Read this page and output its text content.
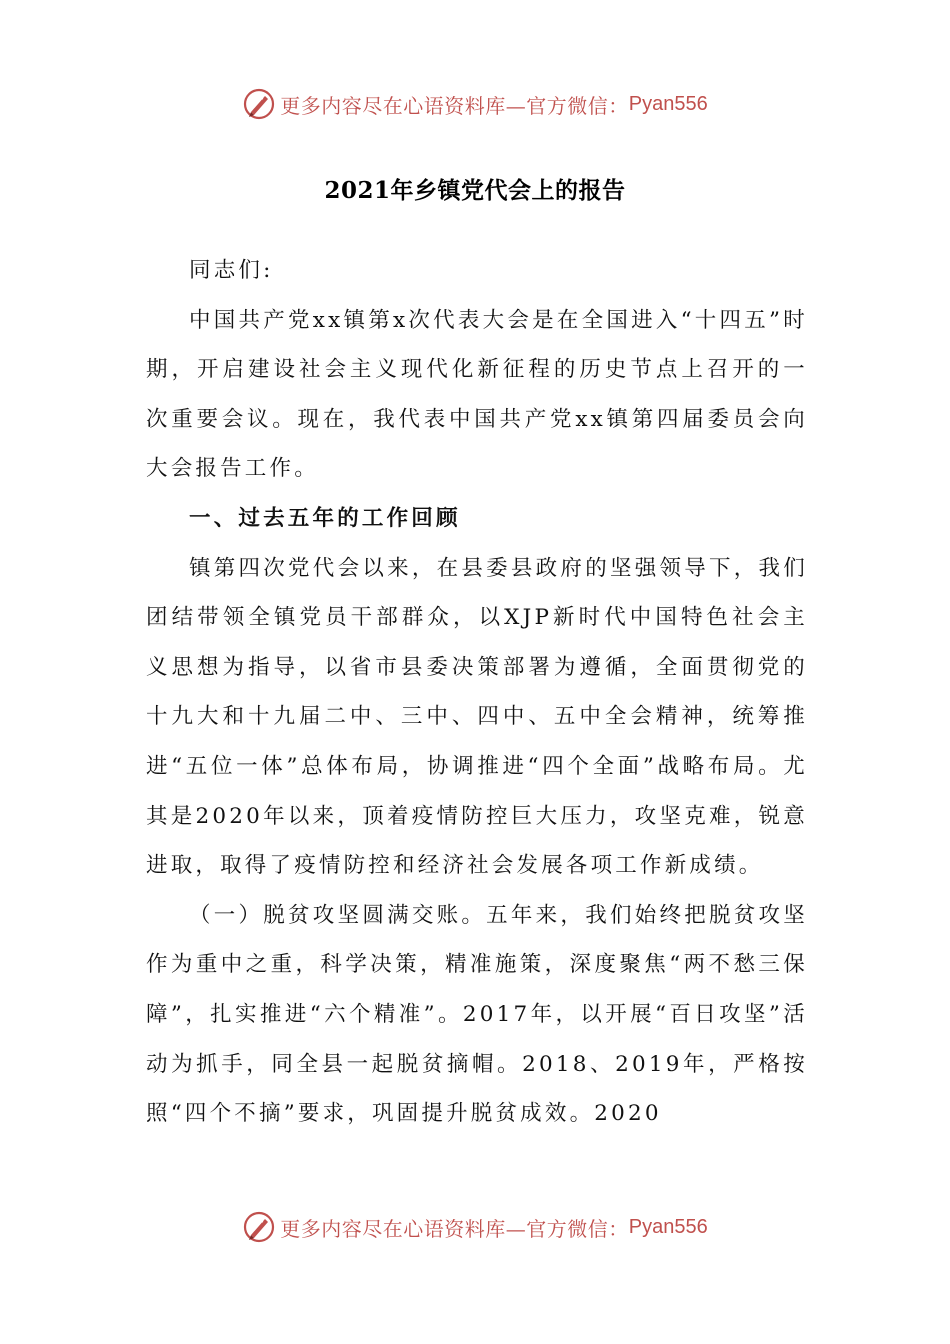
更多内容尽在心语资料库—官方微信： Pyan556
2021年乡镇党代会上的报告

同志们:

中国共产党xx镇第x次代表大会是在全国进入“十四五”时期，开启建设社会主义现代化新征程的历史节点上召开的一次重要会议。现在，我代表中国共产党xx镇第四届委员会向大会报告工作。

一、过去五年的工作回顾

镇第四次党代会以来，在县委县政府的坚强领导下，我们团结带领全镇党员干部群众，以XJP新时代中国特色社会主义思想为指导，以省市县委决策部署为遵循，全面贯彻党的十九大和十九届二中、三中、四中、五中全会精神，统筹推进“五位一体”总体布局，协调推进“四个全面”战略布局。尤其是2020年以来，顶着疫情防控巨大压力，攻坚克难，锐意进取，取得了疫情防控和经济社会发展各项工作新成绩。

（一）脱贫攻坚圆满交账。五年来，我们始终把脱贫攻坚作为重中之重，科学决策，精准施策，深度聚焦“两不愁三保障”，扎实推进“六个精准”。2017年，以开展“百日攻坚”活动为抓手，同全县一起脱贫摘帽。2018、2019年，严格按照“四个不摘”要求，巩固提升脱贫成效。2020

更多内容尽在心语资料库—官方微信： Pyan556
